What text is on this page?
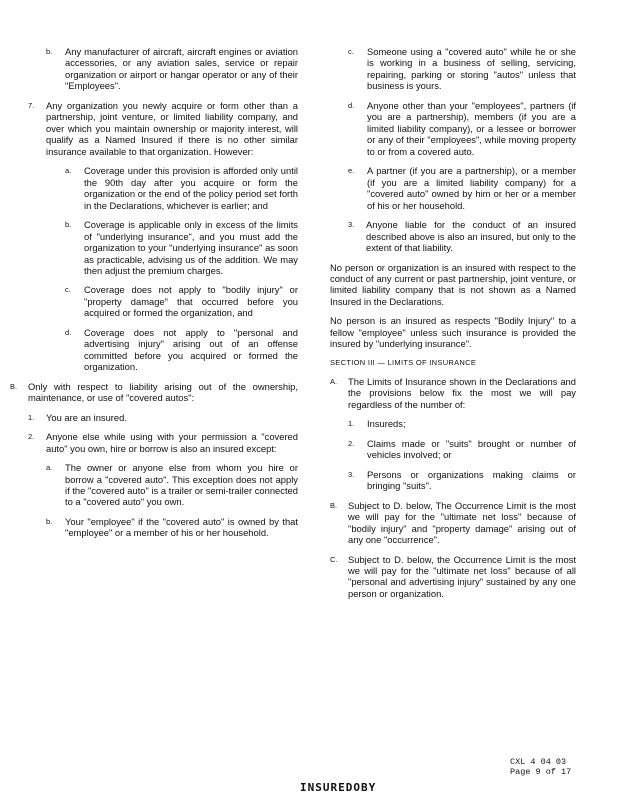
b.	Any manufacturer of aircraft, aircraft engines or aviation accessories, or any aviation sales, service or repair organization or airport or hangar operator or any of their "Employees".
7.	Any organization you newly acquire or form other than a partnership, joint venture, or limited liability company, and over which you maintain ownership or majority interest, will qualify as a Named Insured if there is no other similar insurance available to that organization. However:
a.	Coverage under this provision is afforded only until the 90th day after you acquire or form the organization or the end of the policy period set forth in the Declarations, whichever is earlier; and
b.	Coverage is applicable only in excess of the limits of "underlying insurance", and you must add the organization to your "underlying insurance" as soon as practicable, advising us of the addition. We may then adjust the premium charges.
c.	Coverage does not apply to "bodily injury" or "property damage" that occurred before you acquired or formed the organization, and
d.	Coverage does not apply to "personal and advertising injury" arising out of an offense committed before you acquired or formed the organization.
B.	Only with respect to liability arising out of the ownership, maintenance, or use of "covered autos":
1.	You are an insured.
2.	Anyone else while using with your permission a "covered auto" you own, hire or borrow is also an insured except:
a.	The owner or anyone else from whom you hire or borrow a "covered auto". This exception does not apply if the "covered auto" is a trailer or semi-trailer connected to a "covered auto" you own.
b.	Your "employee" if the "covered auto" is owned by that "employee" or a member of his or her household.
c.	Someone using a "covered auto" while he or she is working in a business of selling, servicing, repairing, parking or storing "autos" unless that business is yours.
d.	Anyone other than your "employees", partners (if you are a partnership), members (if you are a limited liability company), or a lessee or borrower or any of their "employees", while moving property to or from a covered auto.
e.	A partner (if you are a partnership), or a member (if you are a limited liability company) for a "covered auto" owned by him or her or a member of his or her household.
3.	Anyone liable for the conduct of an insured described above is also an insured, but only to the extent of that liability.
No person or organization is an insured with respect to the conduct of any current or past partnership, joint venture, or limited liability company that is not shown as a Named Insured in the Declarations.
No person is an insured as respects "Bodily Injury" to a fellow "employee" unless such insurance is provided the insured by "underlying insurance".
SECTION III — LIMITS OF INSURANCE
A.	The Limits of Insurance shown in the Declarations and the provisions below fix the most we will pay regardless of the number of:
1.	Insureds;
2.	Claims made or "suits" brought or number of vehicles involved; or
3.	Persons or organizations making claims or bringing "suits".
B.	Subject to D. below, The Occurrence Limit is the most we will pay for the "ultimate net loss" because of "bodily injury" and "property damage" arising out of any one "occurrence".
C.	Subject to D. below, the Occurrence Limit is the most we will pay for the "ultimate net loss" because of all "personal and advertising injury" sustained by any one person or organization.
CXL 4 04 03
Page 9 of 17
INSUREDOBY
